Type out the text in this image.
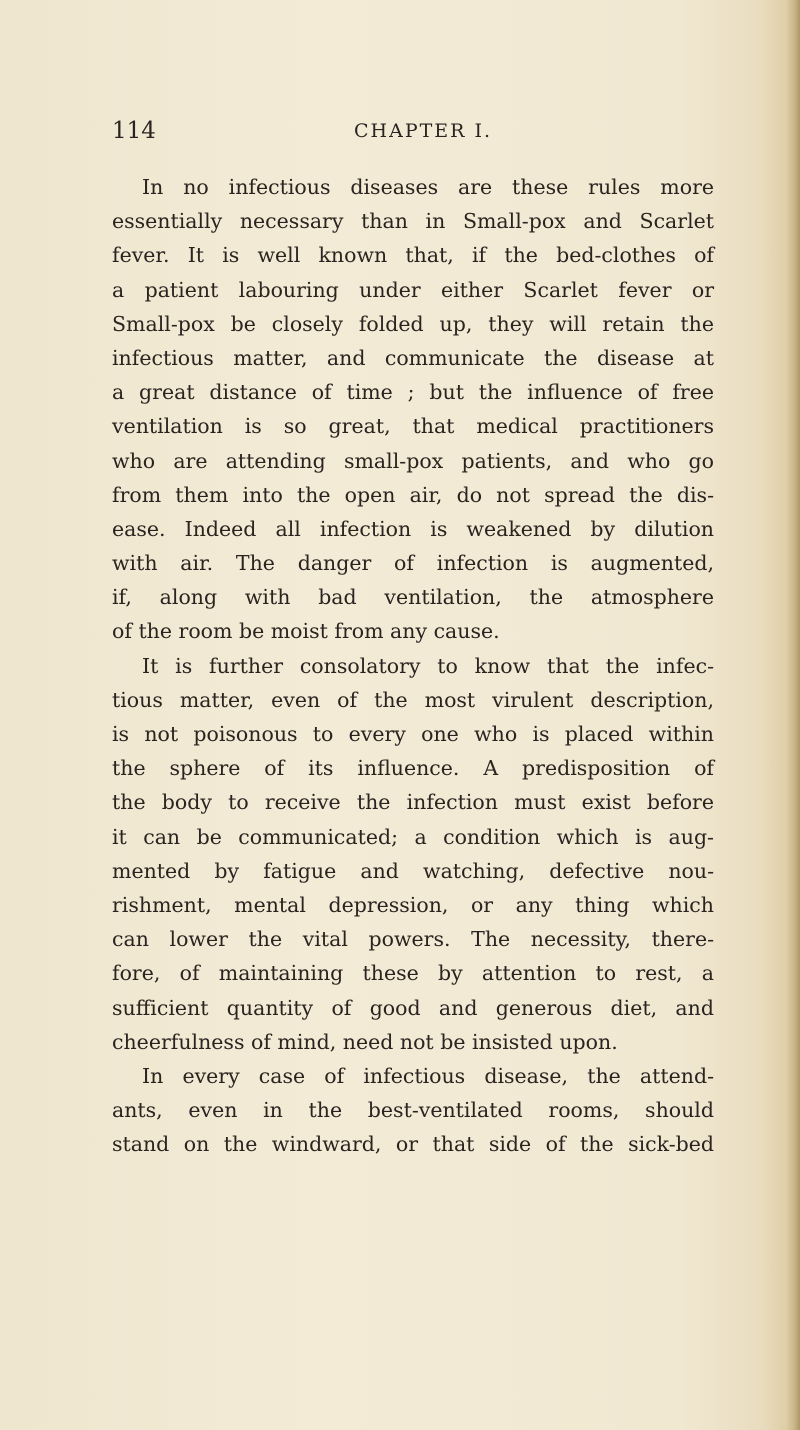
114	CHAPTER I.
In no infectious diseases are these rules more
essentially necessary than in Small-pox and Scarlet
fever. It is well known that, if the bed-clothes of
a patient labouring under either Scarlet fever or
Small-pox be closely folded up, they will retain the
infectious matter, and communicate the disease at
a great distance of time ; but the influence of free
ventilation is so great, that medical practitioners
who are attending small-pox patients, and who go
from them into the open air, do not spread the dis-
ease. Indeed all infection is weakened by dilution
with air. The danger of infection is augmented,
if, along with bad ventilation, the atmosphere
of the room be moist from any cause.
It is further consolatory to know that the infec-
tious matter, even of the most virulent description,
is not poisonous to every one who is placed within
the sphere of its influence. A predisposition of
the body to receive the infection must exist before
it can be communicated; a condition which is aug-
mented by fatigue and watching, defective nou-
rishment, mental depression, or any thing which
can lower the vital powers. The necessity, there-
fore, of maintaining these by attention to rest, a
sufficient quantity of good and generous diet, and
cheerfulness of mind, need not be insisted upon.
In every case of infectious disease, the attend-
ants, even in the best-ventilated rooms, should
stand on the windward, or that side of the sick-bed
